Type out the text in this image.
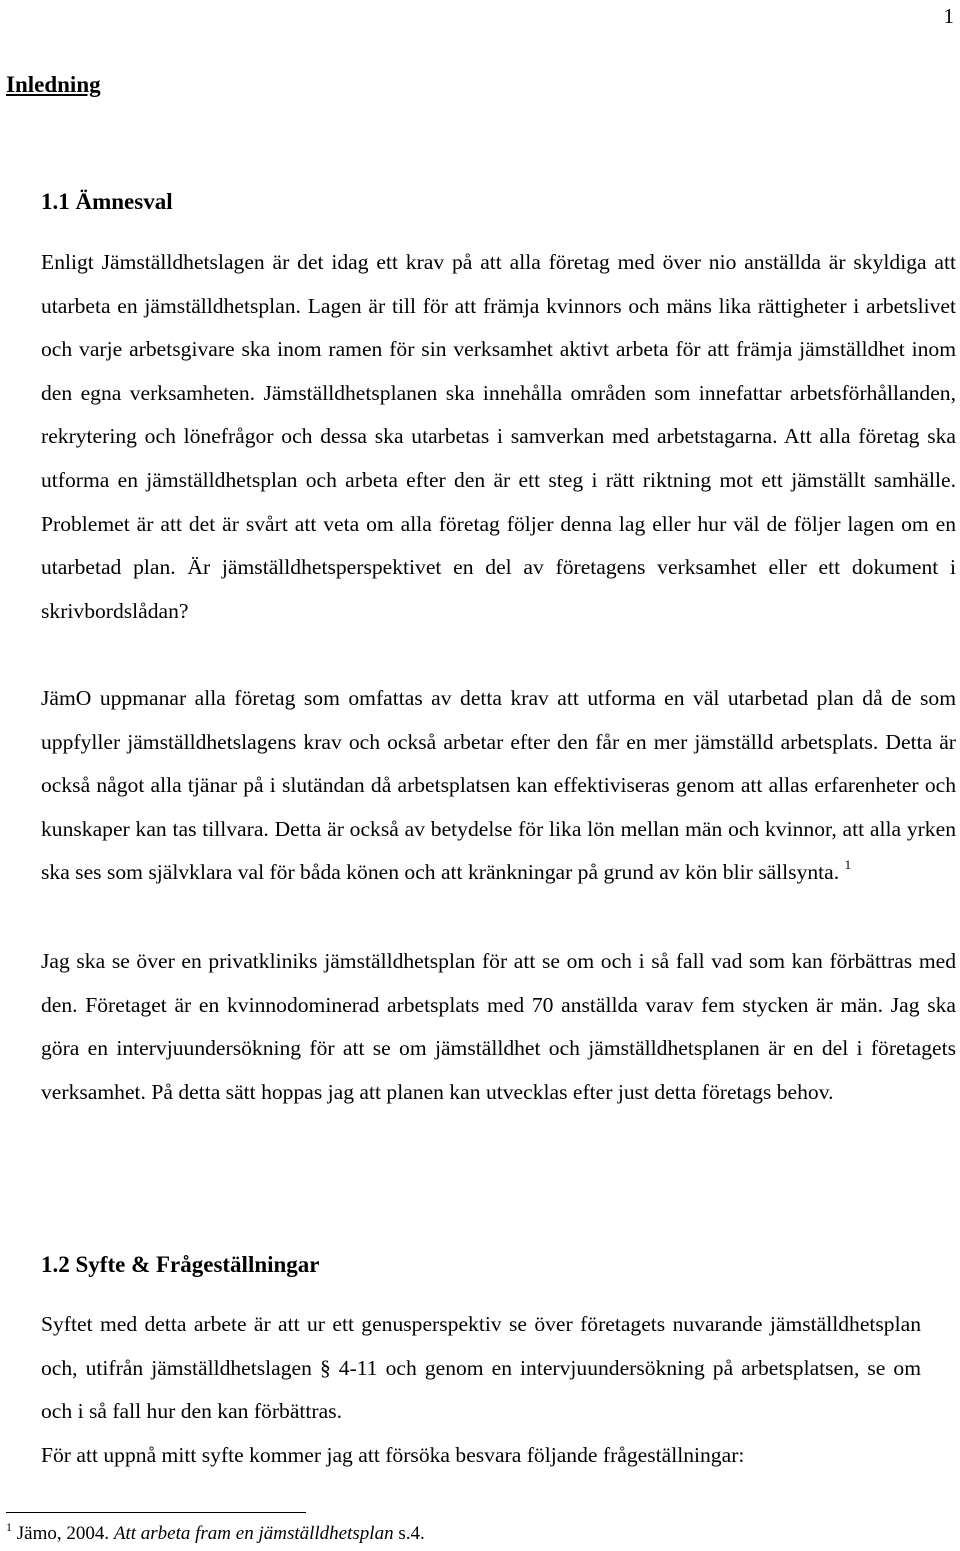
1
Inledning
1.1 Ämnesval

Enligt Jämställdhetslagen är det idag ett krav på att alla företag med över nio anställda är skyldiga att utarbeta en jämställdhetsplan. Lagen är till för att främja kvinnors och mäns lika rättigheter i arbetslivet och varje arbetsgivare ska inom ramen för sin verksamhet aktivt arbeta för att främja jämställdhet inom den egna verksamheten. Jämställdhetsplanen ska innehålla områden som innefattar arbetsförhållanden, rekrytering och lönefrågor och dessa ska utarbetas i samverkan med arbetstagarna. Att alla företag ska utforma en jämställdhetsplan och arbeta efter den är ett steg i rätt riktning mot ett jämställt samhälle. Problemet är att det är svårt att veta om alla företag följer denna lag eller hur väl de följer lagen om en utarbetad plan. Är jämställdhetsperspektivet en del av företagens verksamhet eller ett dokument i skrivbordslådan?

JämO uppmanar alla företag som omfattas av detta krav att utforma en väl utarbetad plan då de som uppfyller jämställdhetslagens krav och också arbetar efter den får en mer jämställd arbetsplats. Detta är också något alla tjänar på i slutändan då arbetsplatsen kan effektiviseras genom att allas erfarenheter och kunskaper kan tas tillvara. Detta är också av betydelse för lika lön mellan män och kvinnor, att alla yrken ska ses som självklara val för båda könen och att kränkningar på grund av kön blir sällsynta. $^1$

Jag ska se över en privatkliniks jämställdhetsplan för att se om och i så fall vad som kan förbättras med den. Företaget är en kvinnodominerad arbetsplats med 70 anställda varav fem stycken är män. Jag ska göra en intervjuundersökning för att se om jämställdhet och jämställdhetsplanen är en del i företagets verksamhet. På detta sätt hoppas jag att planen kan utvecklas efter just detta företags behov.

1.2 Syfte & Frågeställningar

Syftet med detta arbete är att ur ett genusperspektiv se över företagets nuvarande jämställdhetsplan och, utifrån jämställdhetslagen § 4-11 och genom en intervjuundersökning på arbetsplatsen, se om och i så fall hur den kan förbättras.

För att uppnå mitt syfte kommer jag att försöka besvara följande frågeställningar:

$^1$ Jämo, 2004. Att arbeta fram en jämställdhetsplan s.4.
